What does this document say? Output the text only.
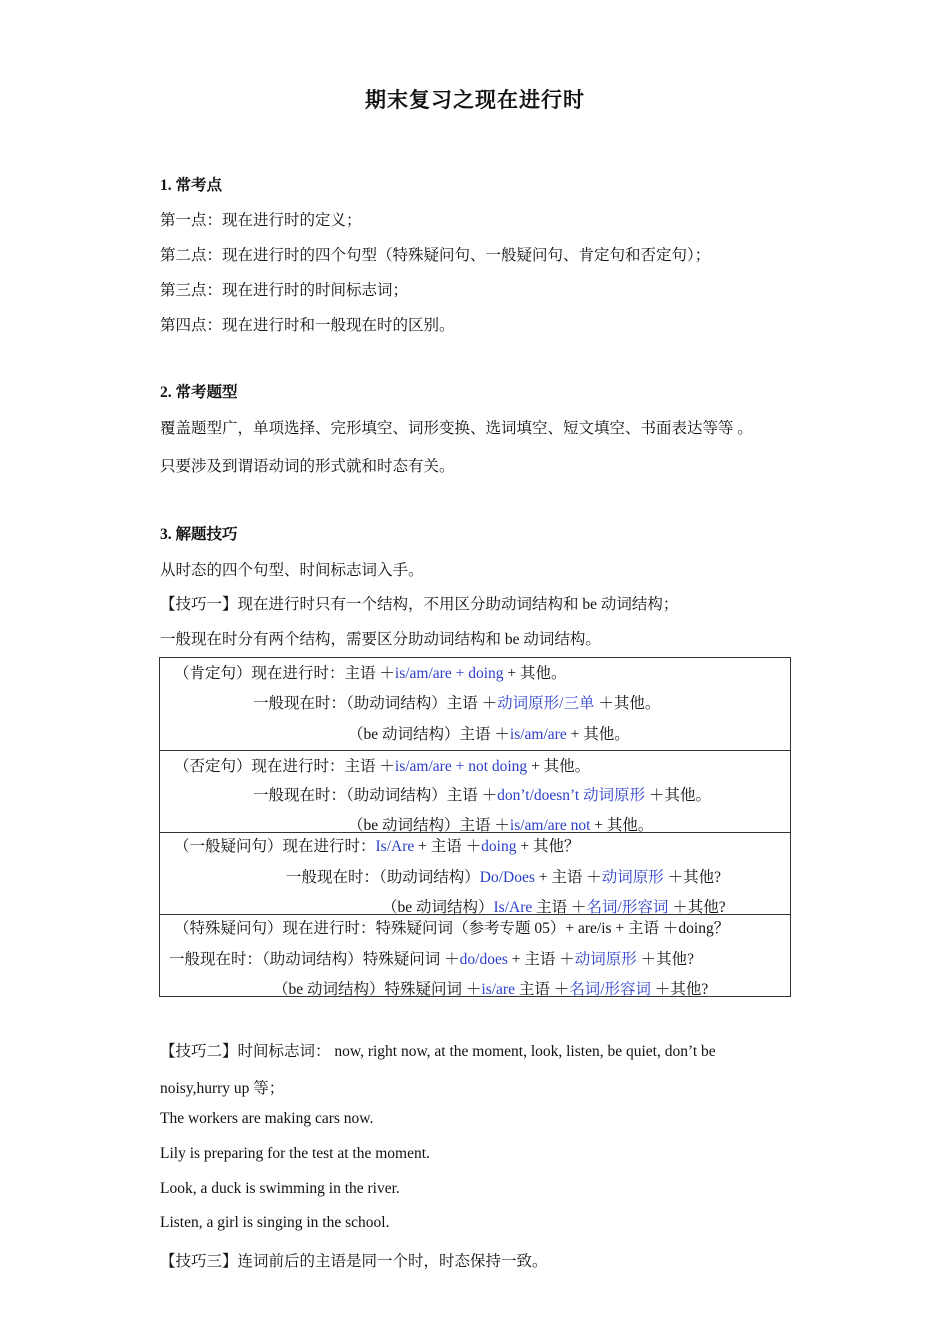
期末复习之现在进行时
1. 常考点
第一点：现在进行时的定义；
第二点：现在进行时的四个句型（特殊疑问句、一般疑问句、肯定句和否定句）；
第三点：现在进行时的时间标志词；
第四点：现在进行时和一般现在时的区别。
2. 常考题型
覆盖题型广，单项选择、完形填空、词形变换、选词填空、短文填空、书面表达等等 。
只要涉及到谓语动词的形式就和时态有关。
3. 解题技巧
从时态的四个句型、时间标志词入手。
【技巧一】现在进行时只有一个结构，不用区分助动词结构和 be 动词结构；
一般现在时分有两个结构，需要区分助动词结构和 be 动词结构。
（肯定句）现在进行时：主语 ＋is/am/are + doing + 其他。
一般现在时：（助动词结构）主语 ＋动词原形/三单 ＋其他。
（be 动词结构）主语 ＋is/am/are + 其他。

（否定句）现在进行时：主语 ＋is/am/are + not doing + 其他。
一般现在时：（助动词结构）主语 ＋don’t/doesn’t 动词原形 ＋其他。
（be 动词结构）主语 ＋is/am/are not + 其他。

（一般疑问句）现在进行时：Is/Are + 主语 ＋doing + 其他？
一般现在时：（助动词结构）Do/Does + 主语 ＋动词原形 ＋其他?
（be 动词结构）Is/Are 主语 ＋名词/形容词 ＋其他?

（特殊疑问句）现在进行时：特殊疑问词（参考专题 05）+ are/is + 主语 ＋doing？
一般现在时：（助动词结构）特殊疑问词 ＋do/does + 主语 ＋动词原形 ＋其他?
（be 动词结构）特殊疑问词 ＋is/are 主语 ＋名词/形容词 ＋其他?
【技巧二】时间标志词： now, right now, at the moment, look, listen, be quiet, don’t be
noisy,hurry up 等；
The workers are making cars now.
Lily is preparing for the test at the moment.
Look, a duck is swimming in the river.
Listen, a girl is singing in the school.
【技巧三】连词前后的主语是同一个时，时态保持一致。
